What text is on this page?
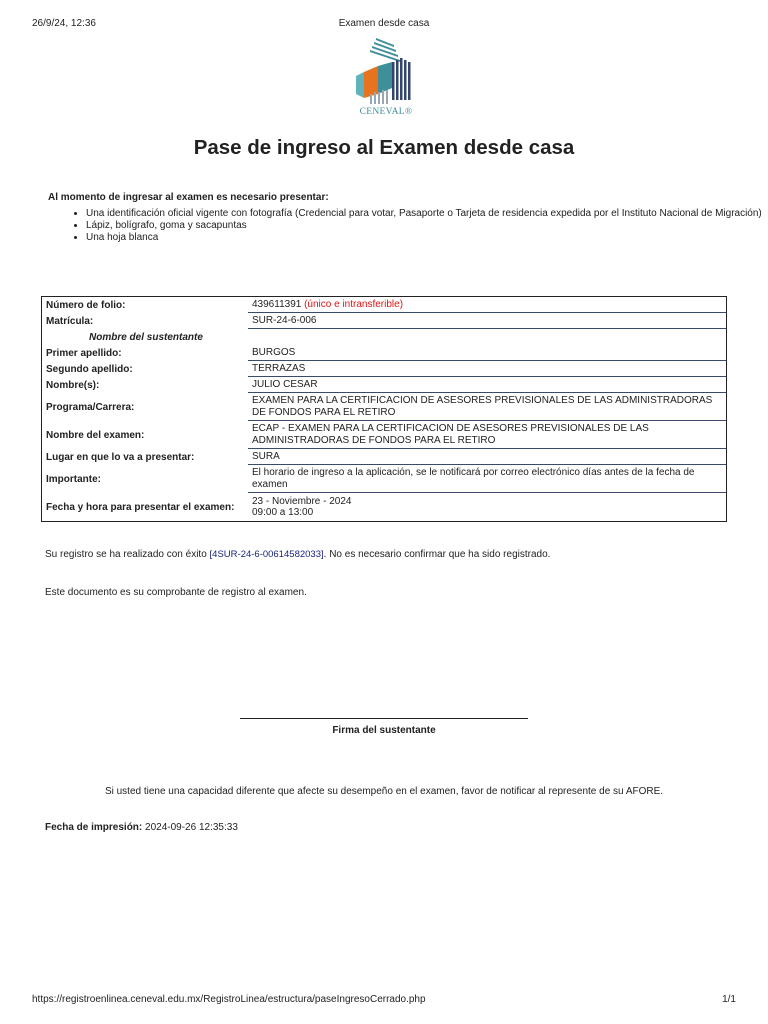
26/9/24, 12:36	Examen desde casa
CENEVAL®
Pase de ingreso al Examen desde casa
Al momento de ingresar al examen es necesario presentar:
• Una identificación oficial vigente con fotografía (Credencial para votar, Pasaporte o Tarjeta de residencia expedida por el Instituto Nacional de Migración)
• Lápiz, bolígrafo, goma y sacapuntas
• Una hoja blanca
Número de folio:	439611391 (único e intransferible)
Matrícula:	SUR-24-6-006
Nombre del sustentante	
Primer apellido:	BURGOS
Segundo apellido:	TERRAZAS
Nombre(s):	JULIO CESAR
Programa/Carrera:	EXAMEN PARA LA CERTIFICACION DE ASESORES PREVISIONALES DE LAS ADMINISTRADORAS DE FONDOS PARA EL RETIRO
Nombre del examen:	ECAP - EXAMEN PARA LA CERTIFICACION DE ASESORES PREVISIONALES DE LAS ADMINISTRADORAS DE FONDOS PARA EL RETIRO
Lugar en que lo va a presentar:	SURA
Importante:	El horario de ingreso a la aplicación, se le notificará por correo electrónico días antes de la fecha de examen
Fecha y hora para presentar el examen:	23 - Noviembre - 2024
09:00 a 13:00
Su registro se ha realizado con éxito [4SUR-24-6-00614582033]. No es necesario confirmar que ha sido registrado.
Este documento es su comprobante de registro al examen.
Firma del sustentante
Si usted tiene una capacidad diferente que afecte su desempeño en el examen, favor de notificar al represente de su AFORE.
Fecha de impresión: 2024-09-26 12:35:33
https://registroenlinea.ceneval.edu.mx/RegistroLinea/estructura/paseIngresoCerrado.php	1/1
